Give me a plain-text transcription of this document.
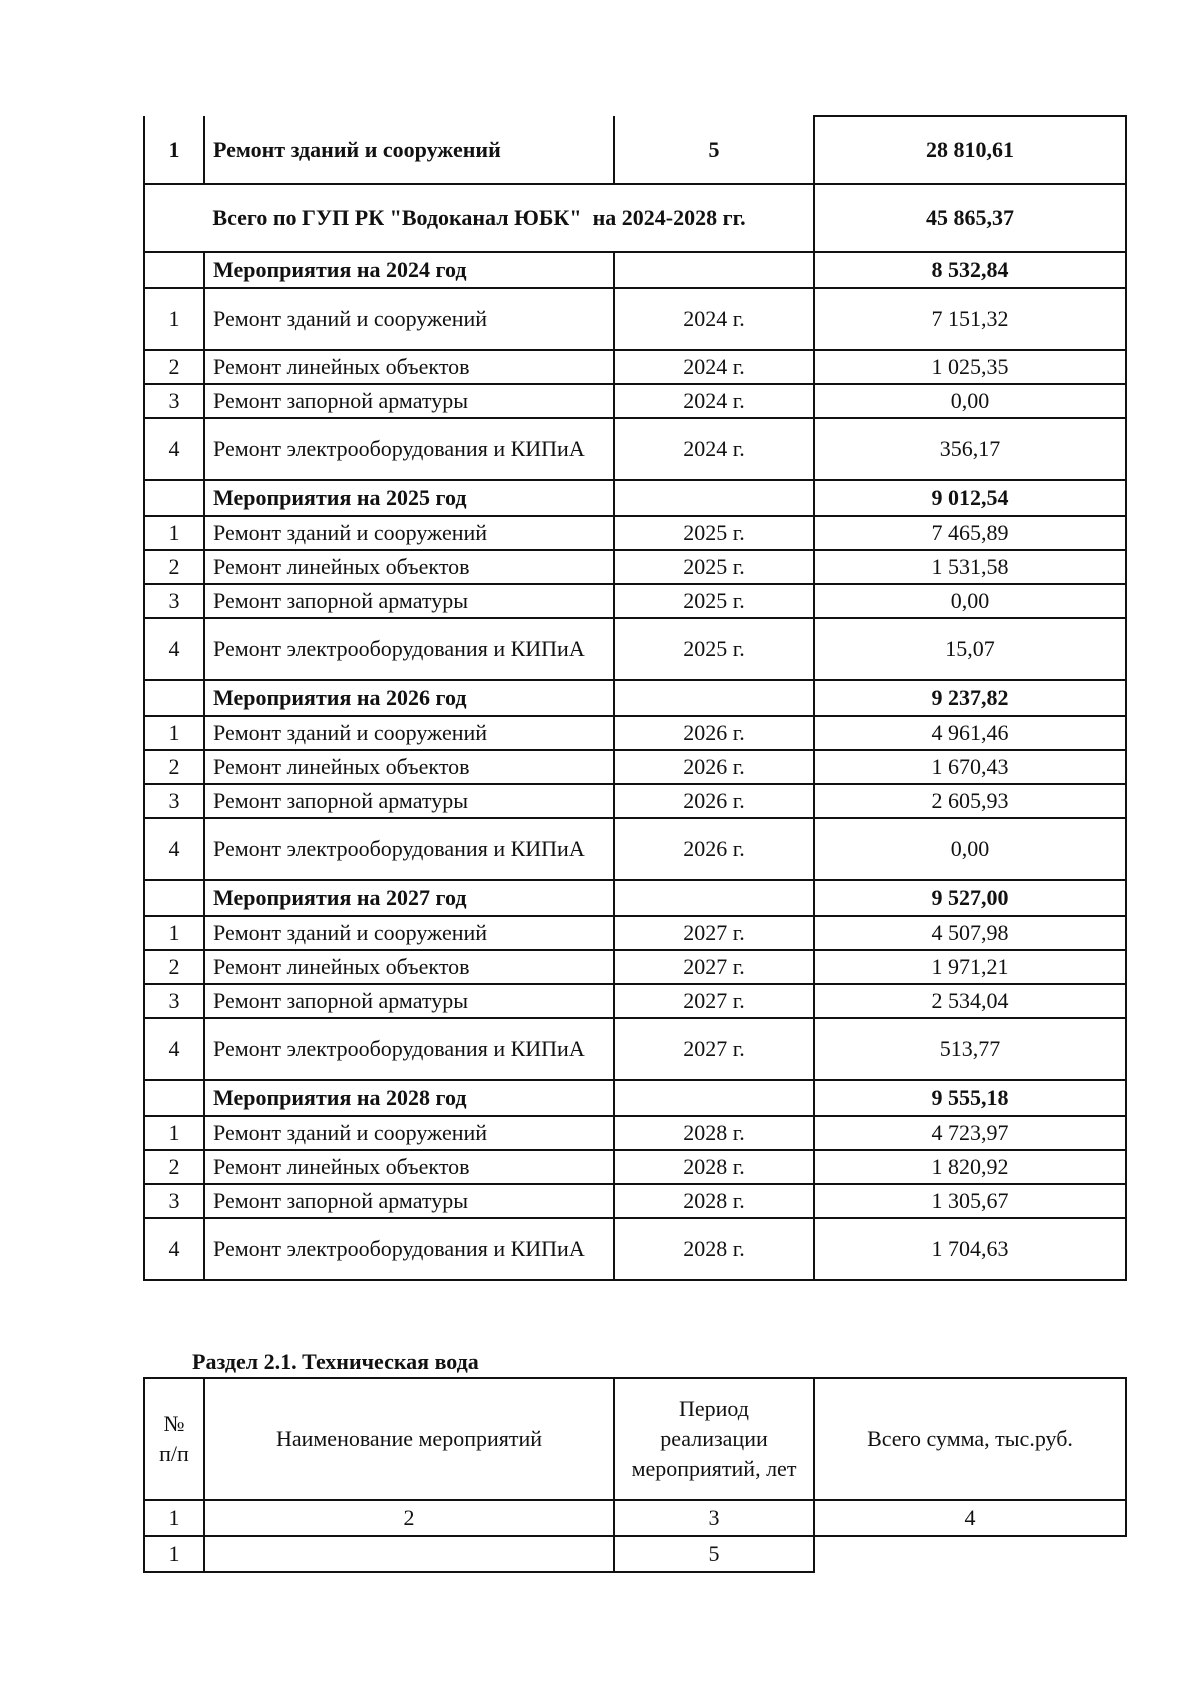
1	Ремонт зданий и сооружений	5	28 810,61
Всего по ГУП РК "Водоканал ЮБК"  на 2024-2028 гг.			45 865,37
	Мероприятия на 2024 год		8 532,84
1	Ремонт зданий и сооружений	2024 г.	7 151,32
2	Ремонт линейных объектов	2024 г.	1 025,35
3	Ремонт запорной арматуры	2024 г.	0,00
4	Ремонт электрооборудования и КИПиА	2024 г.	356,17
	Мероприятия на 2025 год		9 012,54
1	Ремонт зданий и сооружений	2025 г.	7 465,89
2	Ремонт линейных объектов	2025 г.	1 531,58
3	Ремонт запорной арматуры	2025 г.	0,00
4	Ремонт электрооборудования и КИПиА	2025 г.	15,07
	Мероприятия на 2026 год		9 237,82
1	Ремонт зданий и сооружений	2026 г.	4 961,46
2	Ремонт линейных объектов	2026 г.	1 670,43
3	Ремонт запорной арматуры	2026 г.	2 605,93
4	Ремонт электрооборудования и КИПиА	2026 г.	0,00
	Мероприятия на 2027 год		9 527,00
1	Ремонт зданий и сооружений	2027 г.	4 507,98
2	Ремонт линейных объектов	2027 г.	1 971,21
3	Ремонт запорной арматуры	2027 г.	2 534,04
4	Ремонт электрооборудования и КИПиА	2027 г.	513,77
	Мероприятия на 2028 год		9 555,18
1	Ремонт зданий и сооружений	2028 г.	4 723,97
2	Ремонт линейных объектов	2028 г.	1 820,92
3	Ремонт запорной арматуры	2028 г.	1 305,67
4	Ремонт электрооборудования и КИПиА	2028 г.	1 704,63
Раздел 2.1. Техническая вода
№ п/п	Наименование мероприятий	Период реализации мероприятий, лет	Всего сумма, тыс.руб.
1	2	3	4
1		5	
